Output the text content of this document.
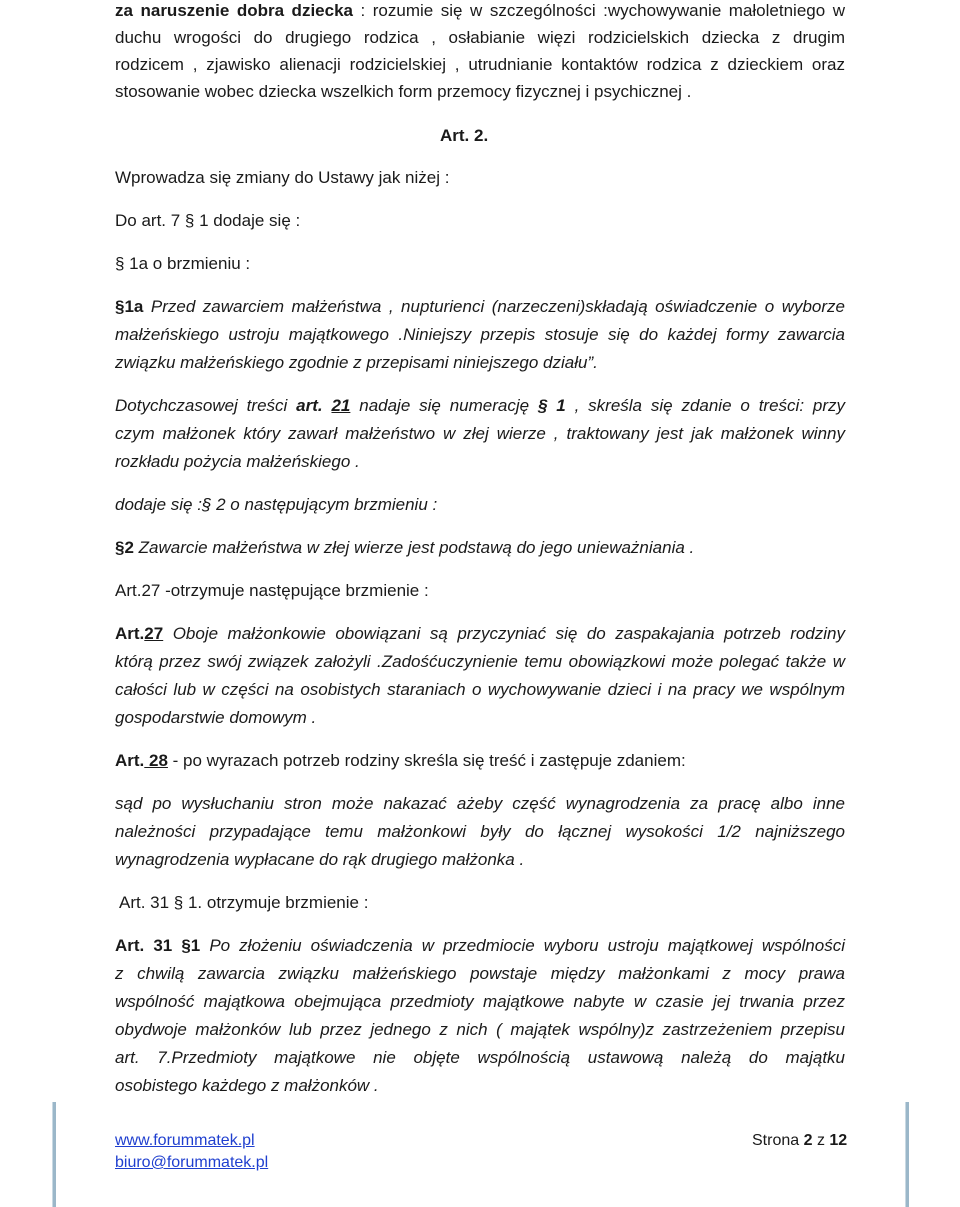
za naruszenie dobra dziecka : rozumie się w szczególności :wychowywanie małoletniego w
duchu wrogości do drugiego rodzica , osłabianie więzi rodzicielskich dziecka z drugim
rodzicem , zjawisko alienacji rodzicielskiej , utrudnianie kontaktów rodzica z dzieckiem oraz
stosowanie wobec dziecka wszelkich form przemocy fizycznej i psychicznej .
Art. 2.
Wprowadza się zmiany do Ustawy jak niżej :
Do art. 7 § 1 dodaje się :
§ 1a o brzmieniu :
§1a Przed zawarciem małżeństwa , nupturienci (narzeczeni)składają oświadczenie o wyborze
małżeńskiego ustroju majątkowego .Niniejszy przepis stosuje się do każdej formy zawarcia
związku małżeńskiego zgodnie z przepisami niniejszego działu”.
Dotychczasowej treści art. 21 nadaje się numerację § 1 , skreśla się zdanie o treści: przy
czym małżonek który zawarł małżeństwo w złej wierze , traktowany jest jak małżonek winny
rozkładu pożycia małżeńskiego .
dodaje się :§ 2 o następującym brzmieniu :
§2 Zawarcie małżeństwa w złej wierze jest podstawą do jego unieważniania .
Art.27 -otrzymuje następujące brzmienie :
Art.27 Oboje małżonkowie obowiązani są przyczyniać się do zaspakajania potrzeb rodziny
którą przez swój związek założyli .Zadośćuczynienie temu obowiązkowi może polegać także w
całości lub w części na osobistych staraniach o wychowywanie dzieci i na pracy we wspólnym
gospodarstwie domowym .
Art. 28 - po wyrazach potrzeb rodziny skreśla się treść i zastępuje zdaniem:
sąd po wysłuchaniu stron może nakazać ażeby część wynagrodzenia za pracę albo inne
należności przypadające temu małżonkowi były do łącznej wysokości 1/2 najniższego
wynagrodzenia wypłacane do rąk drugiego małżonka .
Art. 31 § 1. otrzymuje brzmienie :
Art. 31 §1 Po złożeniu oświadczenia w przedmiocie wyboru ustroju majątkowej wspólności
z chwilą zawarcia związku małżeńskiego powstaje między małżonkami z mocy prawa
wspólność majątkowa obejmująca przedmioty majątkowe nabyte w czasie jej trwania przez
obydwoje małżonków lub przez jednego z nich ( majątek wspólny)z zastrzeżeniem przepisu
art. 7.Przedmioty majątkowe nie objęte wspólnością ustawową należą do majątku
osobistego każdego z małżonków .
www.forummatek.pl
biuro@forummatek.pl
Strona 2 z 12
